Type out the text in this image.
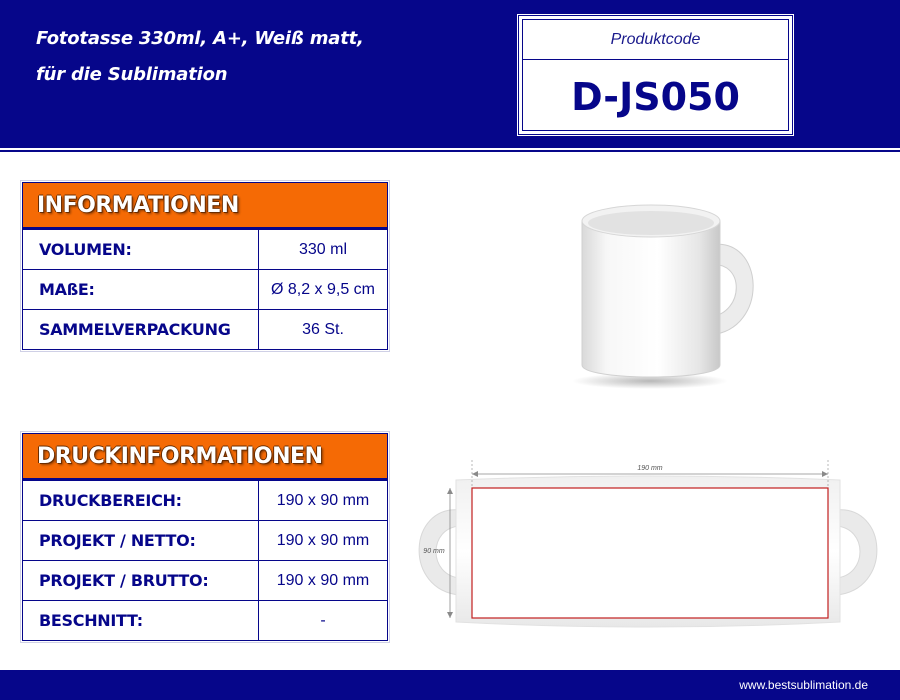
Fototasse 330ml, A+, Weiß matt,
für die Sublimation
Produktcode
D-JS050
INFORMATIONEN
VOLUMEN:	330 ml
MAßE:	Ø 8,2 x 9,5 cm
SAMMELVERPACKUNG	36 St.
DRUCKINFORMATIONEN
DRUCKBEREICH:	190 x 90 mm
PROJEKT / NETTO:	190 x 90 mm
PROJEKT / BRUTTO:	190 x 90 mm
BESCHNITT:	-
190 mm
90 mm
www.bestsublimation.de
